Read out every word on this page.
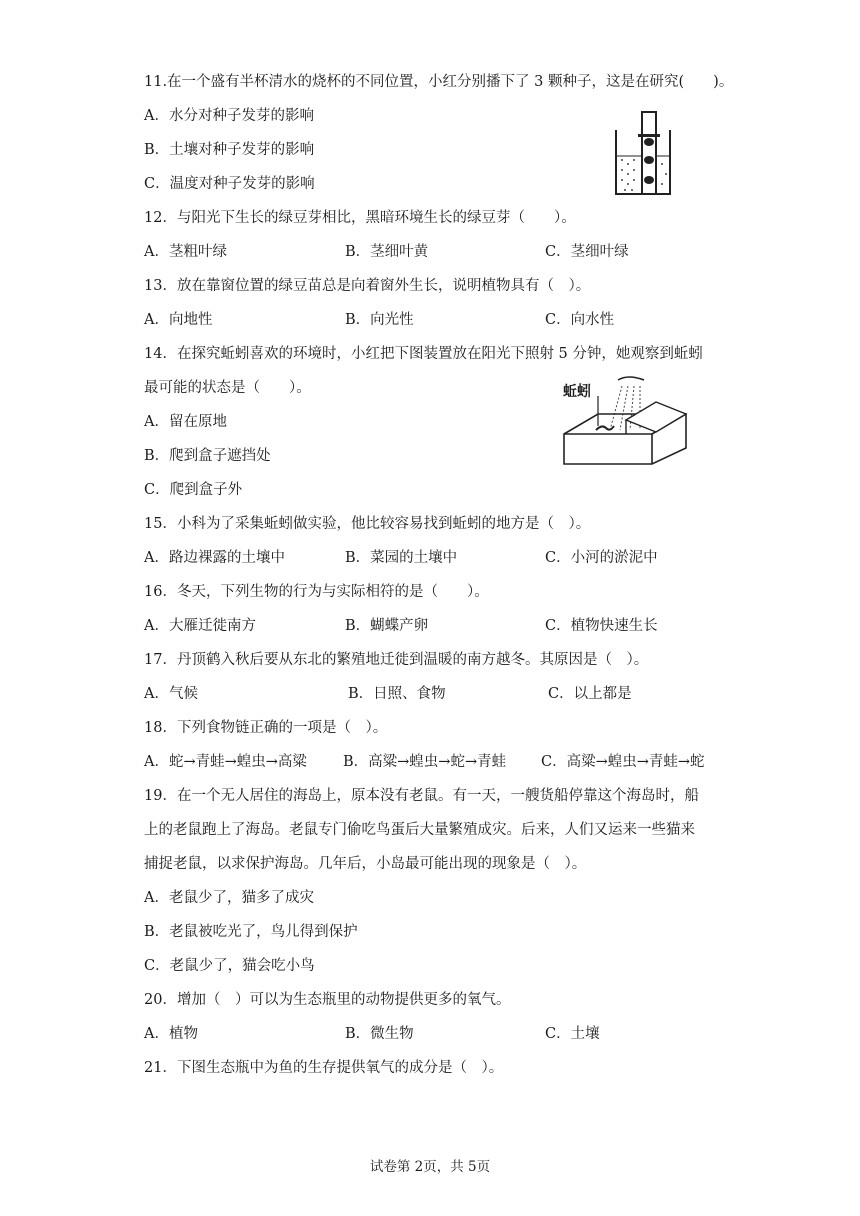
11.在一个盛有半杯清水的烧杯的不同位置，小红分别播下了 3 颗种子，这是在研究(　　)。
A．水分对种子发芽的影响
B．土壤对种子发芽的影响
C．温度对种子发芽的影响
12．与阳光下生长的绿豆芽相比，黑暗环境生长的绿豆芽（　　）。
A．茎粗叶绿	B．茎细叶黄	C．茎细叶绿
13．放在靠窗位置的绿豆苗总是向着窗外生长，说明植物具有（　）。
A．向地性	B．向光性	C．向水性
14．在探究蚯蚓喜欢的环境时，小红把下图装置放在阳光下照射 5 分钟，她观察到蚯蚓
最可能的状态是（　　）。
A．留在原地
B．爬到盒子遮挡处
C．爬到盒子外
蚯蚓
15．小科为了采集蚯蚓做实验，他比较容易找到蚯蚓的地方是（　）。
A．路边裸露的土壤中	B．菜园的土壤中	C．小河的淤泥中
16．冬天，下列生物的行为与实际相符的是（　　）。
A．大雁迁徙南方	B．蝴蝶产卵	C．植物快速生长
17．丹顶鹤入秋后要从东北的繁殖地迁徙到温暖的南方越冬。其原因是（　）。
A．气候	B．日照、食物	C．以上都是
18．下列食物链正确的一项是（　）。
A．蛇→青蛙→蝗虫→高粱 B．高粱→蝗虫→蛇→青蛙 C．高粱→蝗虫→青蛙→蛇
19．在一个无人居住的海岛上，原本没有老鼠。有一天，一艘货船停靠这个海岛时，船
上的老鼠跑上了海岛。老鼠专门偷吃鸟蛋后大量繁殖成灾。后来，人们又运来一些猫来
捕捉老鼠，以求保护海岛。几年后，小岛最可能出现的现象是（　）。
A．老鼠少了，猫多了成灾
B．老鼠被吃光了，鸟儿得到保护
C．老鼠少了，猫会吃小鸟
20．增加（　）可以为生态瓶里的动物提供更多的氧气。
A．植物	B．微生物	C．土壤
21．下图生态瓶中为鱼的生存提供氧气的成分是（　）。
试卷第 2页，共 5页
